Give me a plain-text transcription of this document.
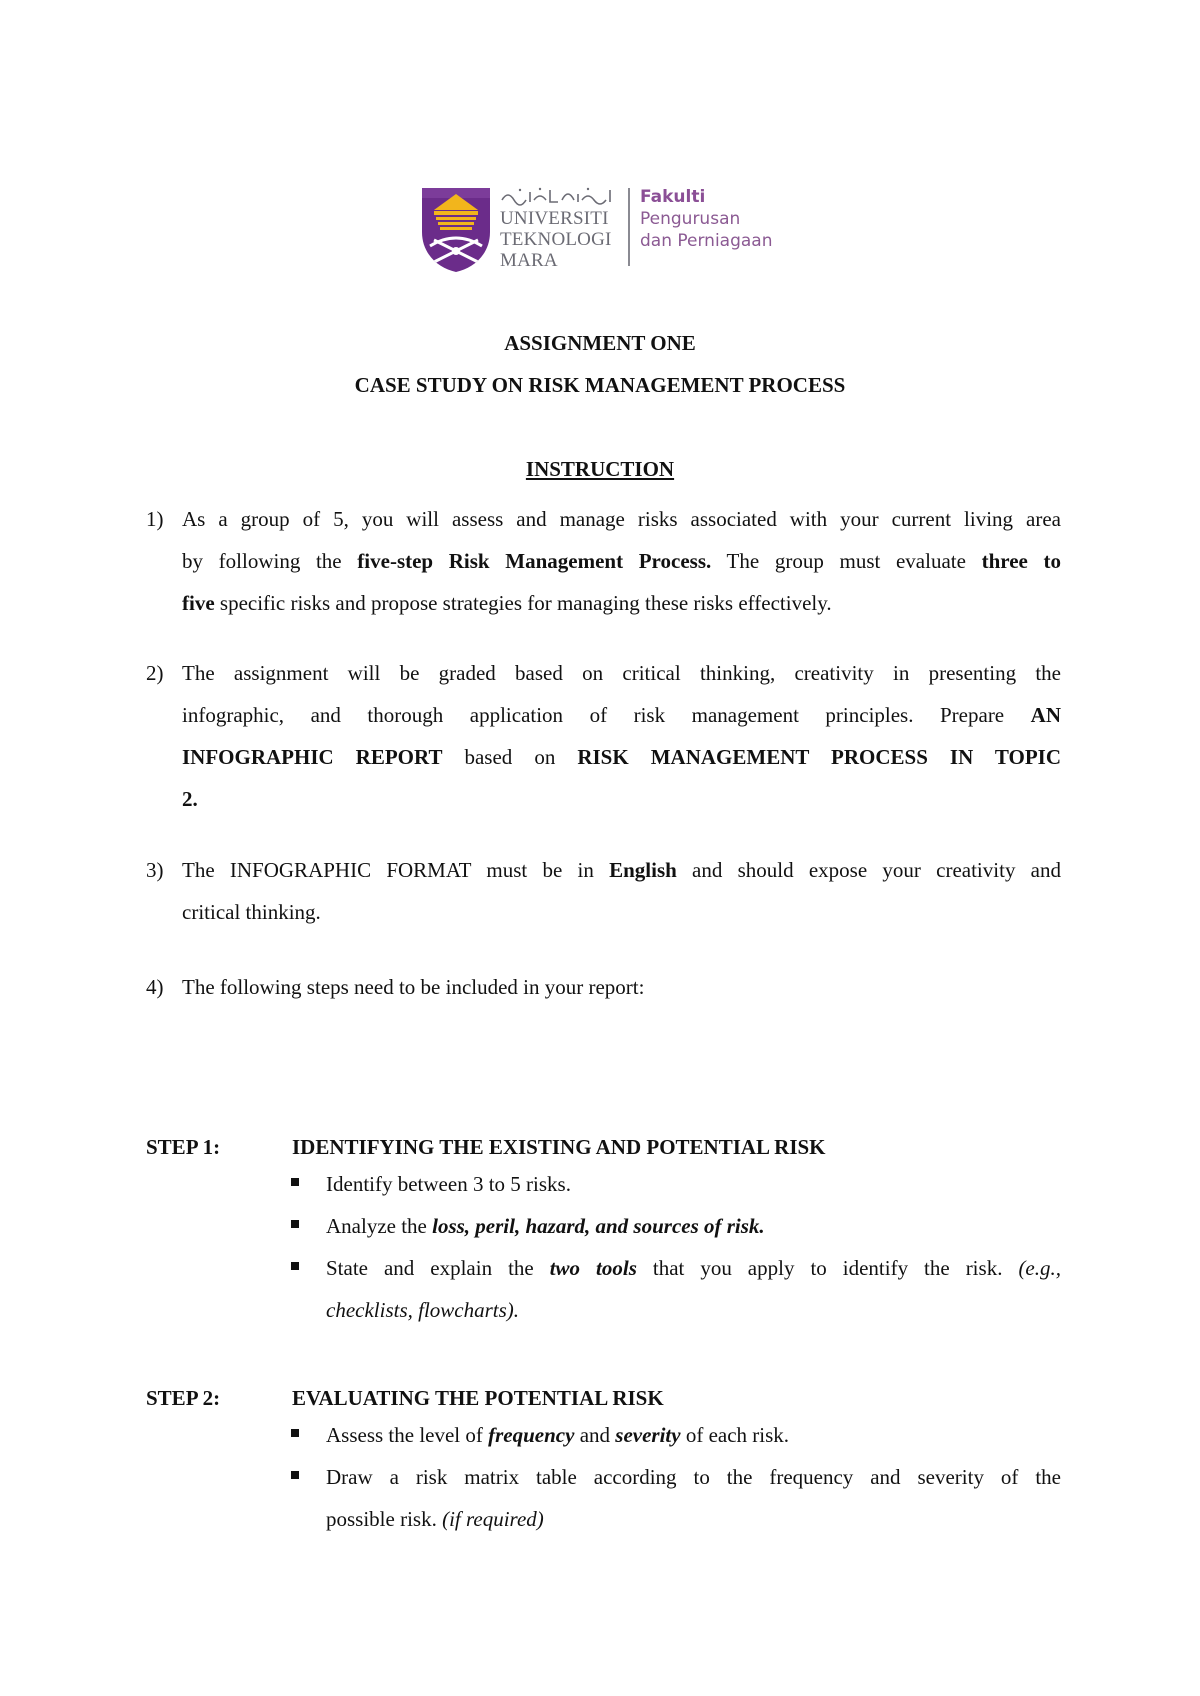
UNIVERSITI
TEKNOLOGI
MARA
Fakulti
Pengurusan
dan Perniagaan
ASSIGNMENT ONE
CASE STUDY ON RISK MANAGEMENT PROCESS
INSTRUCTION
1) As a group of 5, you will assess and manage risks associated with your current living area
by following the five-step Risk Management Process. The group must evaluate three to
five specific risks and propose strategies for managing these risks effectively.
2) The assignment will be graded based on critical thinking, creativity in presenting the
infographic, and thorough application of risk management principles. Prepare AN
INFOGRAPHIC REPORT based on RISK MANAGEMENT PROCESS IN TOPIC
2.
3) The INFOGRAPHIC FORMAT must be in English and should expose your creativity and
critical thinking.
4) The following steps need to be included in your report:
STEP 1:	IDENTIFYING THE EXISTING AND POTENTIAL RISK
Identify between 3 to 5 risks.
Analyze the loss, peril, hazard, and sources of risk.
State and explain the two tools that you apply to identify the risk. (e.g.,
checklists, flowcharts).
STEP 2:	EVALUATING THE POTENTIAL RISK
Assess the level of frequency and severity of each risk.
Draw a risk matrix table according to the frequency and severity of the
possible risk. (if required)
